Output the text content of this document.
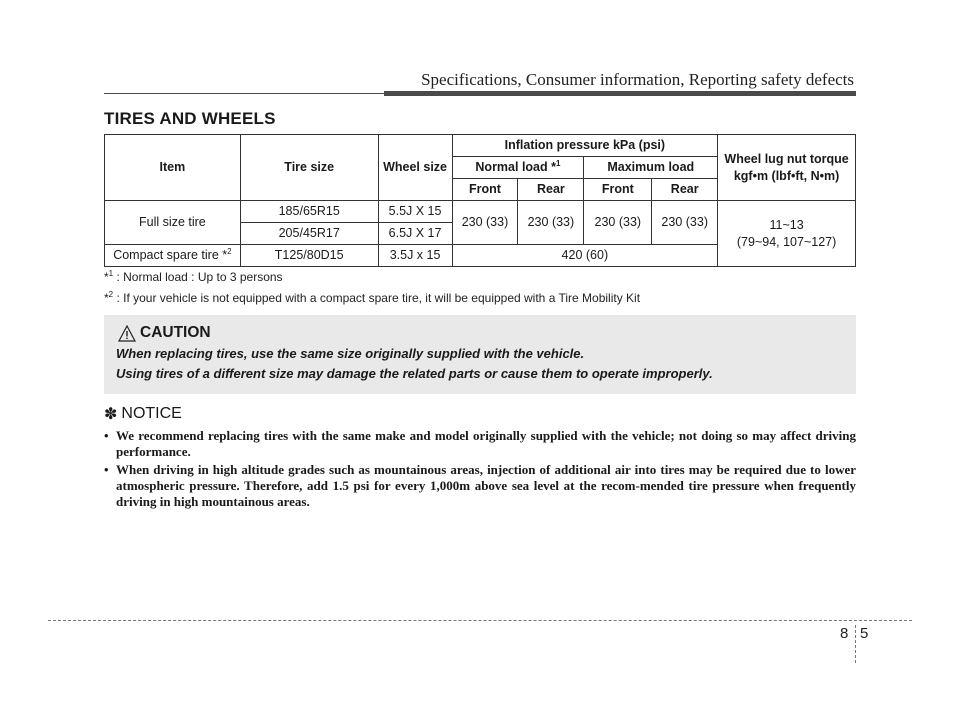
Specifications, Consumer information, Reporting safety defects
TIRES AND WHEELS
Item	Tire size	Wheel size	Inflation pressure kPa (psi)				Wheel lug nut torque
kgf•m (lbf•ft, N•m)

			Normal load *$^1$		Maximum load		
			Front	Rear	Front	Rear	
Full size tire	185/65R15	5.5J X 15	230 (33)	230 (33)	230 (33)	230 (33)	11~13
(79~94, 107~127)

	205/45R17	6.5J X 17					
Compact spare tire *$^2$	T125/80D15	3.5J x 15	420 (60)				
*$^1$ : Normal load : Up to 3 persons
*$^2$ : If your vehicle is not equipped with a compact spare tire, it will be equipped with a Tire Mobility Kit
CAUTION
When replacing tires, use the same size originally supplied with the vehicle.
Using tires of a different size may damage the related parts or cause them to operate improperly.
✽ NOTICE
• We recommend replacing tires with the same make and model originally supplied with the vehicle; not doing so may affect driving performance.
• When driving in high altitude grades such as mountainous areas, injection of additional air into tires may be required due to lower atmospheric pressure. Therefore, add 1.5 psi for every 1,000m above sea level at the recom-mended tire pressure when frequently driving in high mountainous areas.
8 5
